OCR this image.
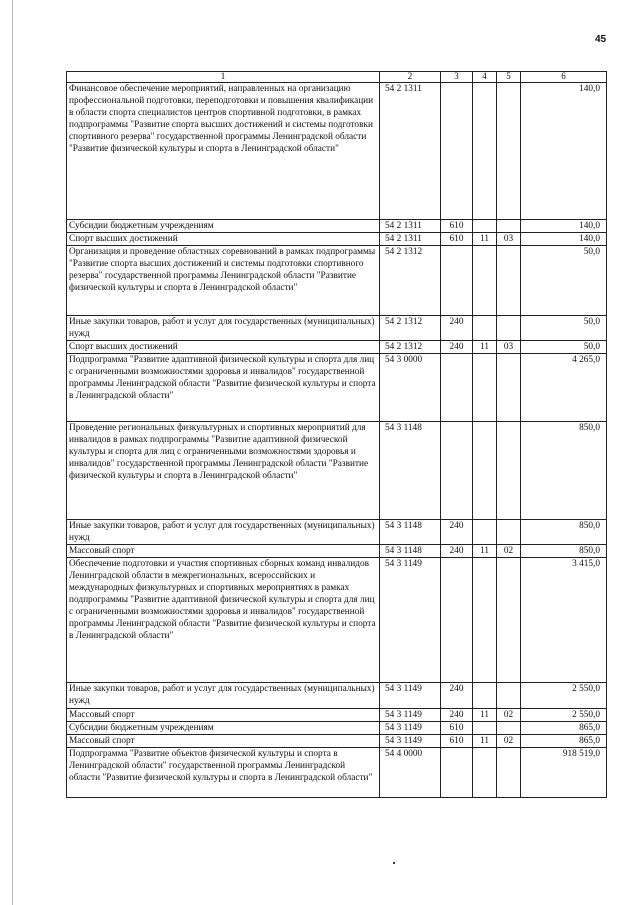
45
1	2	3	4	5	6
Финансовое обеспечение мероприятий, направленных на организацию профессиональной подготовки, переподготовки и повышения квалификации в области спорта специалистов центров спортивной подготовки, в рамках подпрограммы "Развитие спорта высших достижений и системы подготовки спортивного резерва" государственной программы Ленинградской области "Развитие физической культуры и спорта в Ленинградской области"	54 2 1311				140,0
Субсидии бюджетным учреждениям	54 2 1311	610			140,0
Спорт высших достижений	54 2 1311	610	11	03	140,0
Организация и проведение областных соревнований в рамках подпрограммы "Развитие спорта высших достижений и системы подготовки спортивного резерва" государственной программы Ленинградской области "Развитие физической культуры и спорта в Ленинградской области"	54 2 1312				50,0
Иные закупки товаров, работ и услуг для государственных (муниципальных) нужд	54 2 1312	240			50,0
Спорт высших достижений	54 2 1312	240	11	03	50,0
Подпрограмма "Развитие адаптивной физической культуры и спорта для лиц с ограниченными возможностями здоровья и инвалидов" государственной программы Ленинградской области "Развитие физической культуры и спорта в Ленинградской области"	54 3 0000				4 265,0
Проведение региональных физкультурных и спортивных мероприятий для инвалидов в рамках подпрограммы "Развитие адаптивной физической культуры и спорта для лиц с ограниченными возможностями здоровья и инвалидов" государственной программы Ленинградской области "Развитие физической культуры и спорта в Ленинградской области"	54 3 1148				850,0
Иные закупки товаров, работ и услуг для государственных (муниципальных) нужд	54 3 1148	240			850,0
Массовый спорт	54 3 1148	240	11	02	850,0
Обеспечение подготовки и участия спортивных сборных команд инвалидов Ленинградской области в межрегиональных, всероссийских и международных физкультурных и спортивных мероприятиях в рамках подпрограммы "Развитие адаптивной физической культуры и спорта для лиц с ограниченными возможностями здоровья и инвалидов" государственной программы Ленинградской области "Развитие физической культуры и спорта в Ленинградской области"	54 3 1149				3 415,0
Иные закупки товаров, работ и услуг для государственных (муниципальных) нужд	54 3 1149	240			2 550,0
Массовый спорт	54 3 1149	240	11	02	2 550,0
Субсидии бюджетным учреждениям	54 3 1149	610			865,0
Массовый спорт	54 3 1149	610	11	02	865,0
Подпрограмма "Развитие объектов физической культуры и спорта в Ленинградской области" государственной программы Ленинградской области "Развитие физической культуры и спорта в Ленинградской области"	54 4 0000				918 519,0
